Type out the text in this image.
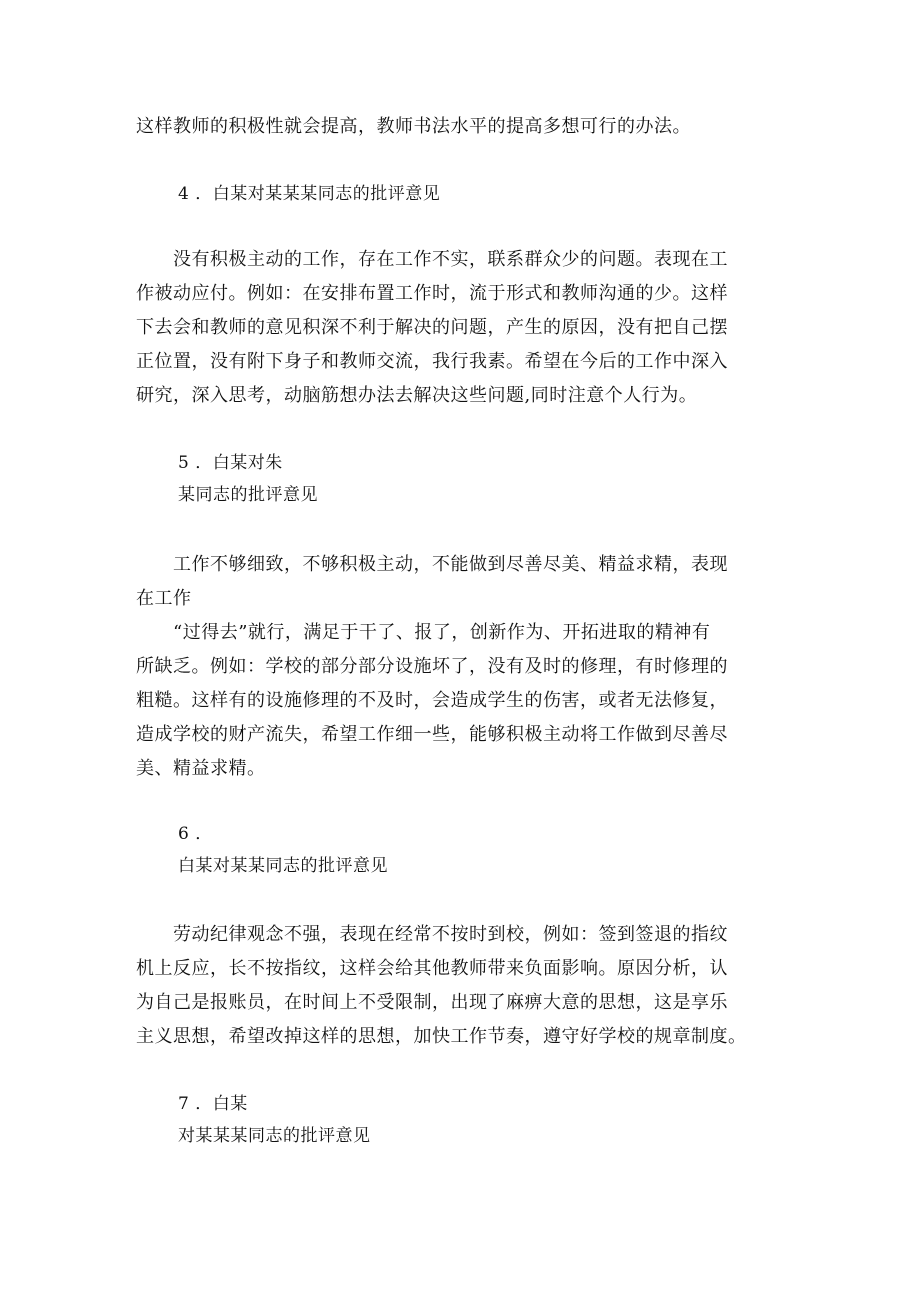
这样教师的积极性就会提高，教师书法水平的提高多想可行的办法。
4 ．白某对某某某同志的批评意见
　　没有积极主动的工作，存在工作不实，联系群众少的问题。表现在工
作被动应付。例如：在安排布置工作时，流于形式和教师沟通的少。这样
下去会和教师的意见积深不利于解决的问题，产生的原因，没有把自己摆
正位置，没有附下身子和教师交流，我行我素。希望在今后的工作中深入
研究，深入思考，动脑筋想办法去解决这些问题,同时注意个人行为。
5 ．白某对朱
某同志的批评意见
　　工作不够细致，不够积极主动，不能做到尽善尽美、精益求精，表现
在工作
　　“过得去”就行，满足于干了、报了，创新作为、开拓进取的精神有
所缺乏。例如：学校的部分部分设施坏了，没有及时的修理，有时修理的
粗糙。这样有的设施修理的不及时，会造成学生的伤害，或者无法修复，
造成学校的财产流失，希望工作细一些，能够积极主动将工作做到尽善尽
美、精益求精。
6 ．
白某对某某同志的批评意见
　　劳动纪律观念不强，表现在经常不按时到校，例如：签到签退的指纹
机上反应，长不按指纹，这样会给其他教师带来负面影响。原因分析，认
为自己是报账员，在时间上不受限制，出现了麻痹大意的思想，这是享乐
主义思想，希望改掉这样的思想，加快工作节奏，遵守好学校的规章制度。
7 ．白某
对某某某同志的批评意见
